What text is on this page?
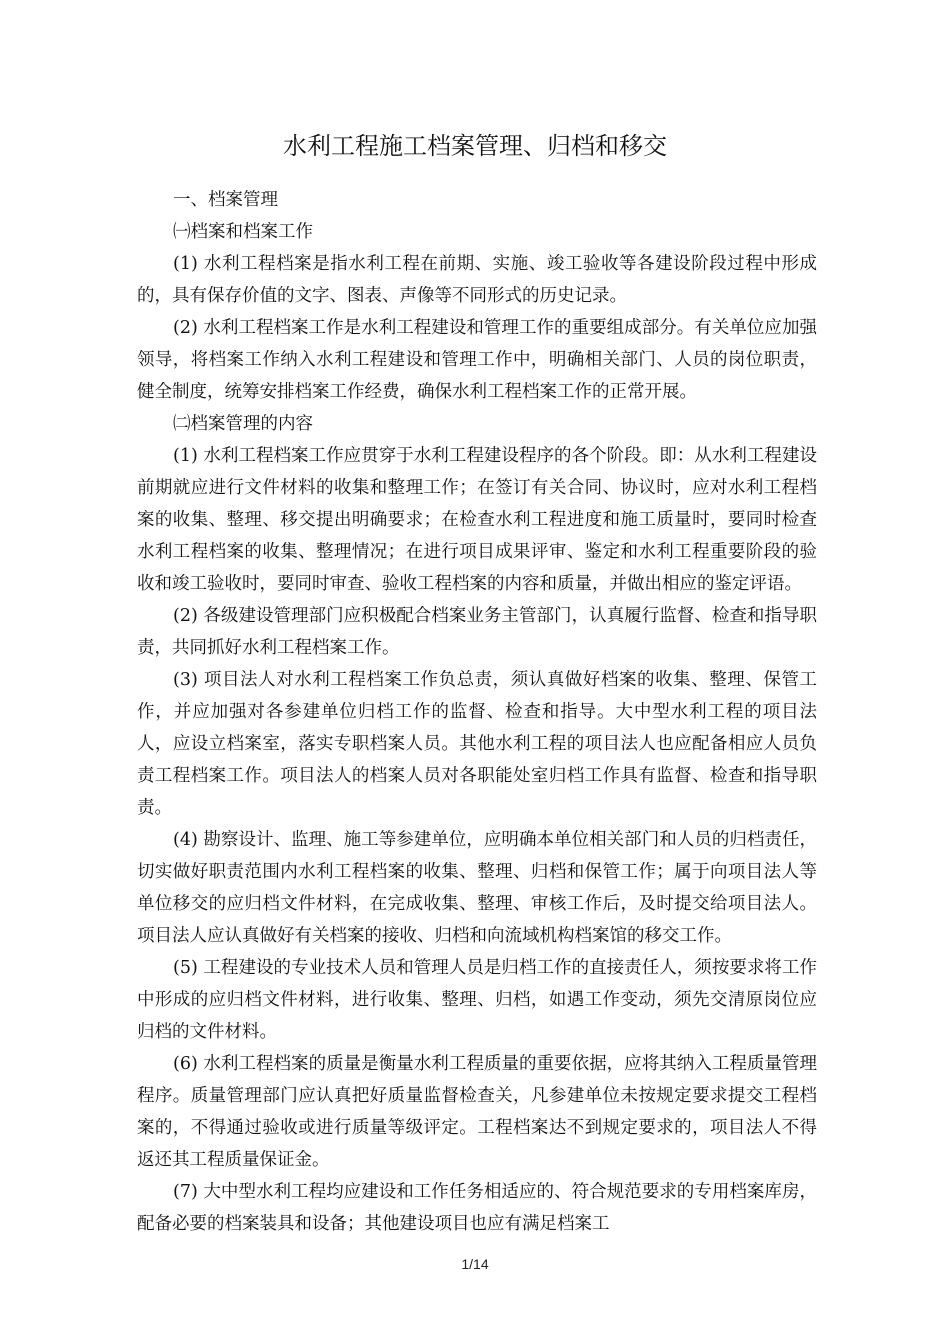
水利工程施工档案管理、归档和移交

一、档案管理

㈠档案和档案工作

(1) 水利工程档案是指水利工程在前期、实施、竣工验收等各建设阶段过程中形成的，具有保存价值的文字、图表、声像等不同形式的历史记录。

(2) 水利工程档案工作是水利工程建设和管理工作的重要组成部分。有关单位应加强领导，将档案工作纳入水利工程建设和管理工作中，明确相关部门、人员的岗位职责，健全制度，统筹安排档案工作经费，确保水利工程档案工作的正常开展。

㈡档案管理的内容

(1) 水利工程档案工作应贯穿于水利工程建设程序的各个阶段。即：从水利工程建设前期就应进行文件材料的收集和整理工作；在签订有关合同、协议时，应对水利工程档案的收集、整理、移交提出明确要求；在检查水利工程进度和施工质量时，要同时检查水利工程档案的收集、整理情况；在进行项目成果评审、鉴定和水利工程重要阶段的验收和竣工验收时，要同时审查、验收工程档案的内容和质量，并做出相应的鉴定评语。

(2) 各级建设管理部门应积极配合档案业务主管部门，认真履行监督、检查和指导职责，共同抓好水利工程档案工作。

(3) 项目法人对水利工程档案工作负总责，须认真做好档案的收集、整理、保管工作，并应加强对各参建单位归档工作的监督、检查和指导。大中型水利工程的项目法人，应设立档案室，落实专职档案人员。其他水利工程的项目法人也应配备相应人员负责工程档案工作。项目法人的档案人员对各职能处室归档工作具有监督、检查和指导职责。

(4) 勘察设计、监理、施工等参建单位，应明确本单位相关部门和人员的归档责任，切实做好职责范围内水利工程档案的收集、整理、归档和保管工作；属于向项目法人等单位移交的应归档文件材料，在完成收集、整理、审核工作后，及时提交给项目法人。项目法人应认真做好有关档案的接收、归档和向流域机构档案馆的移交工作。

(5) 工程建设的专业技术人员和管理人员是归档工作的直接责任人，须按要求将工作中形成的应归档文件材料，进行收集、整理、归档，如遇工作变动，须先交清原岗位应归档的文件材料。

(6) 水利工程档案的质量是衡量水利工程质量的重要依据，应将其纳入工程质量管理程序。质量管理部门应认真把好质量监督检查关，凡参建单位未按规定要求提交工程档案的，不得通过验收或进行质量等级评定。工程档案达不到规定要求的，项目法人不得返还其工程质量保证金。

(7) 大中型水利工程均应建设和工作任务相适应的、符合规范要求的专用档案库房，配备必要的档案装具和设备；其他建设项目也应有满足档案工

1/14
